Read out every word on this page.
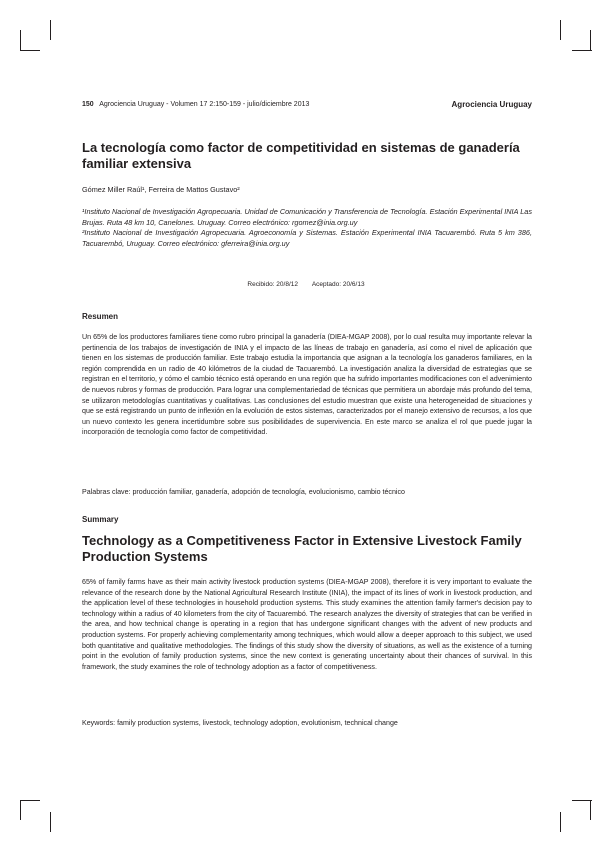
150 Agrociencia Uruguay - Volumen 17 2:150-159 - julio/diciembre 2013	Agrociencia Uruguay
La tecnología como factor de competitividad en sistemas de ganadería familiar extensiva
Gómez Miller Raúl¹, Ferreira de Mattos Gustavo²

¹Instituto Nacional de Investigación Agropecuaria. Unidad de Comunicación y Transferencia de Tecnología. Estación Experimental INIA Las Brujas. Ruta 48 km 10, Canelones. Uruguay. Correo electrónico: rgomez@inia.org.uy

²Instituto Nacional de Investigación Agropecuaria. Agroeconomía y Sistemas. Estación Experimental INIA Tacuarembó. Ruta 5 km 386, Tacuarembó, Uruguay. Correo electrónico: gferreira@inia.org.uy

Recibido: 20/8/12 Aceptado: 20/6/13
Resumen

Un 65% de los productores familiares tiene como rubro principal la ganadería (DIEA-MGAP 2008), por lo cual resulta muy importante relevar la pertinencia de los trabajos de investigación de INIA y el impacto de las líneas de trabajo en ganadería, así como el nivel de aplicación que tienen en los sistemas de producción familiar. Este trabajo estudia la importancia que asignan a la tecnología los ganaderos familiares, en la región comprendida en un radio de 40 kilómetros de la ciudad de Tacuarembó. La investigación analiza la diversidad de estrategias que se registran en el territorio, y cómo el cambio técnico está operando en una región que ha sufrido importantes modificaciones con el advenimiento de nuevos rubros y formas de producción. Para lograr una complementariedad de técnicas que permitiera un abordaje más profundo del tema, se utilizaron metodologías cuantitativas y cualitativas. Las conclusiones del estudio muestran que existe una heterogeneidad de situaciones y que se está registrando un punto de inflexión en la evolución de estos sistemas, caracterizados por el manejo extensivo de recursos, a los que un nuevo contexto les genera incertidumbre sobre sus posibilidades de supervivencia. En este marco se analiza el rol que puede jugar la incorporación de tecnología como factor de competitividad.

Palabras clave: producción familiar, ganadería, adopción de tecnología, evolucionismo, cambio técnico
Summary
Technology as a Competitiveness Factor in Extensive Livestock Family Production Systems

65% of family farms have as their main activity livestock production systems (DIEA-MGAP 2008), therefore it is very important to evaluate the relevance of the research done by the National Agricultural Research Institute (INIA), the impact of its lines of work in livestock production, and the application level of these technologies in household production systems. This study examines the attention family farmer's decision pay to technology within a radius of 40 kilometers from the city of Tacuarembó. The research analyzes the diversity of strategies that can be verified in the area, and how technical change is operating in a region that has undergone significant changes with the advent of new products and production systems. For properly achieving complementarity among techniques, which would allow a deeper approach to this subject, we used both quantitative and qualitative methodologies. The findings of this study show the diversity of situations, as well as the existence of a turning point in the evolution of family production systems, since the new context is generating uncertainty about their chances of survival. In this framework, the study examines the role of technology adoption as a factor of competitiveness.

Keywords: family production systems, livestock, technology adoption, evolutionism, technical change
